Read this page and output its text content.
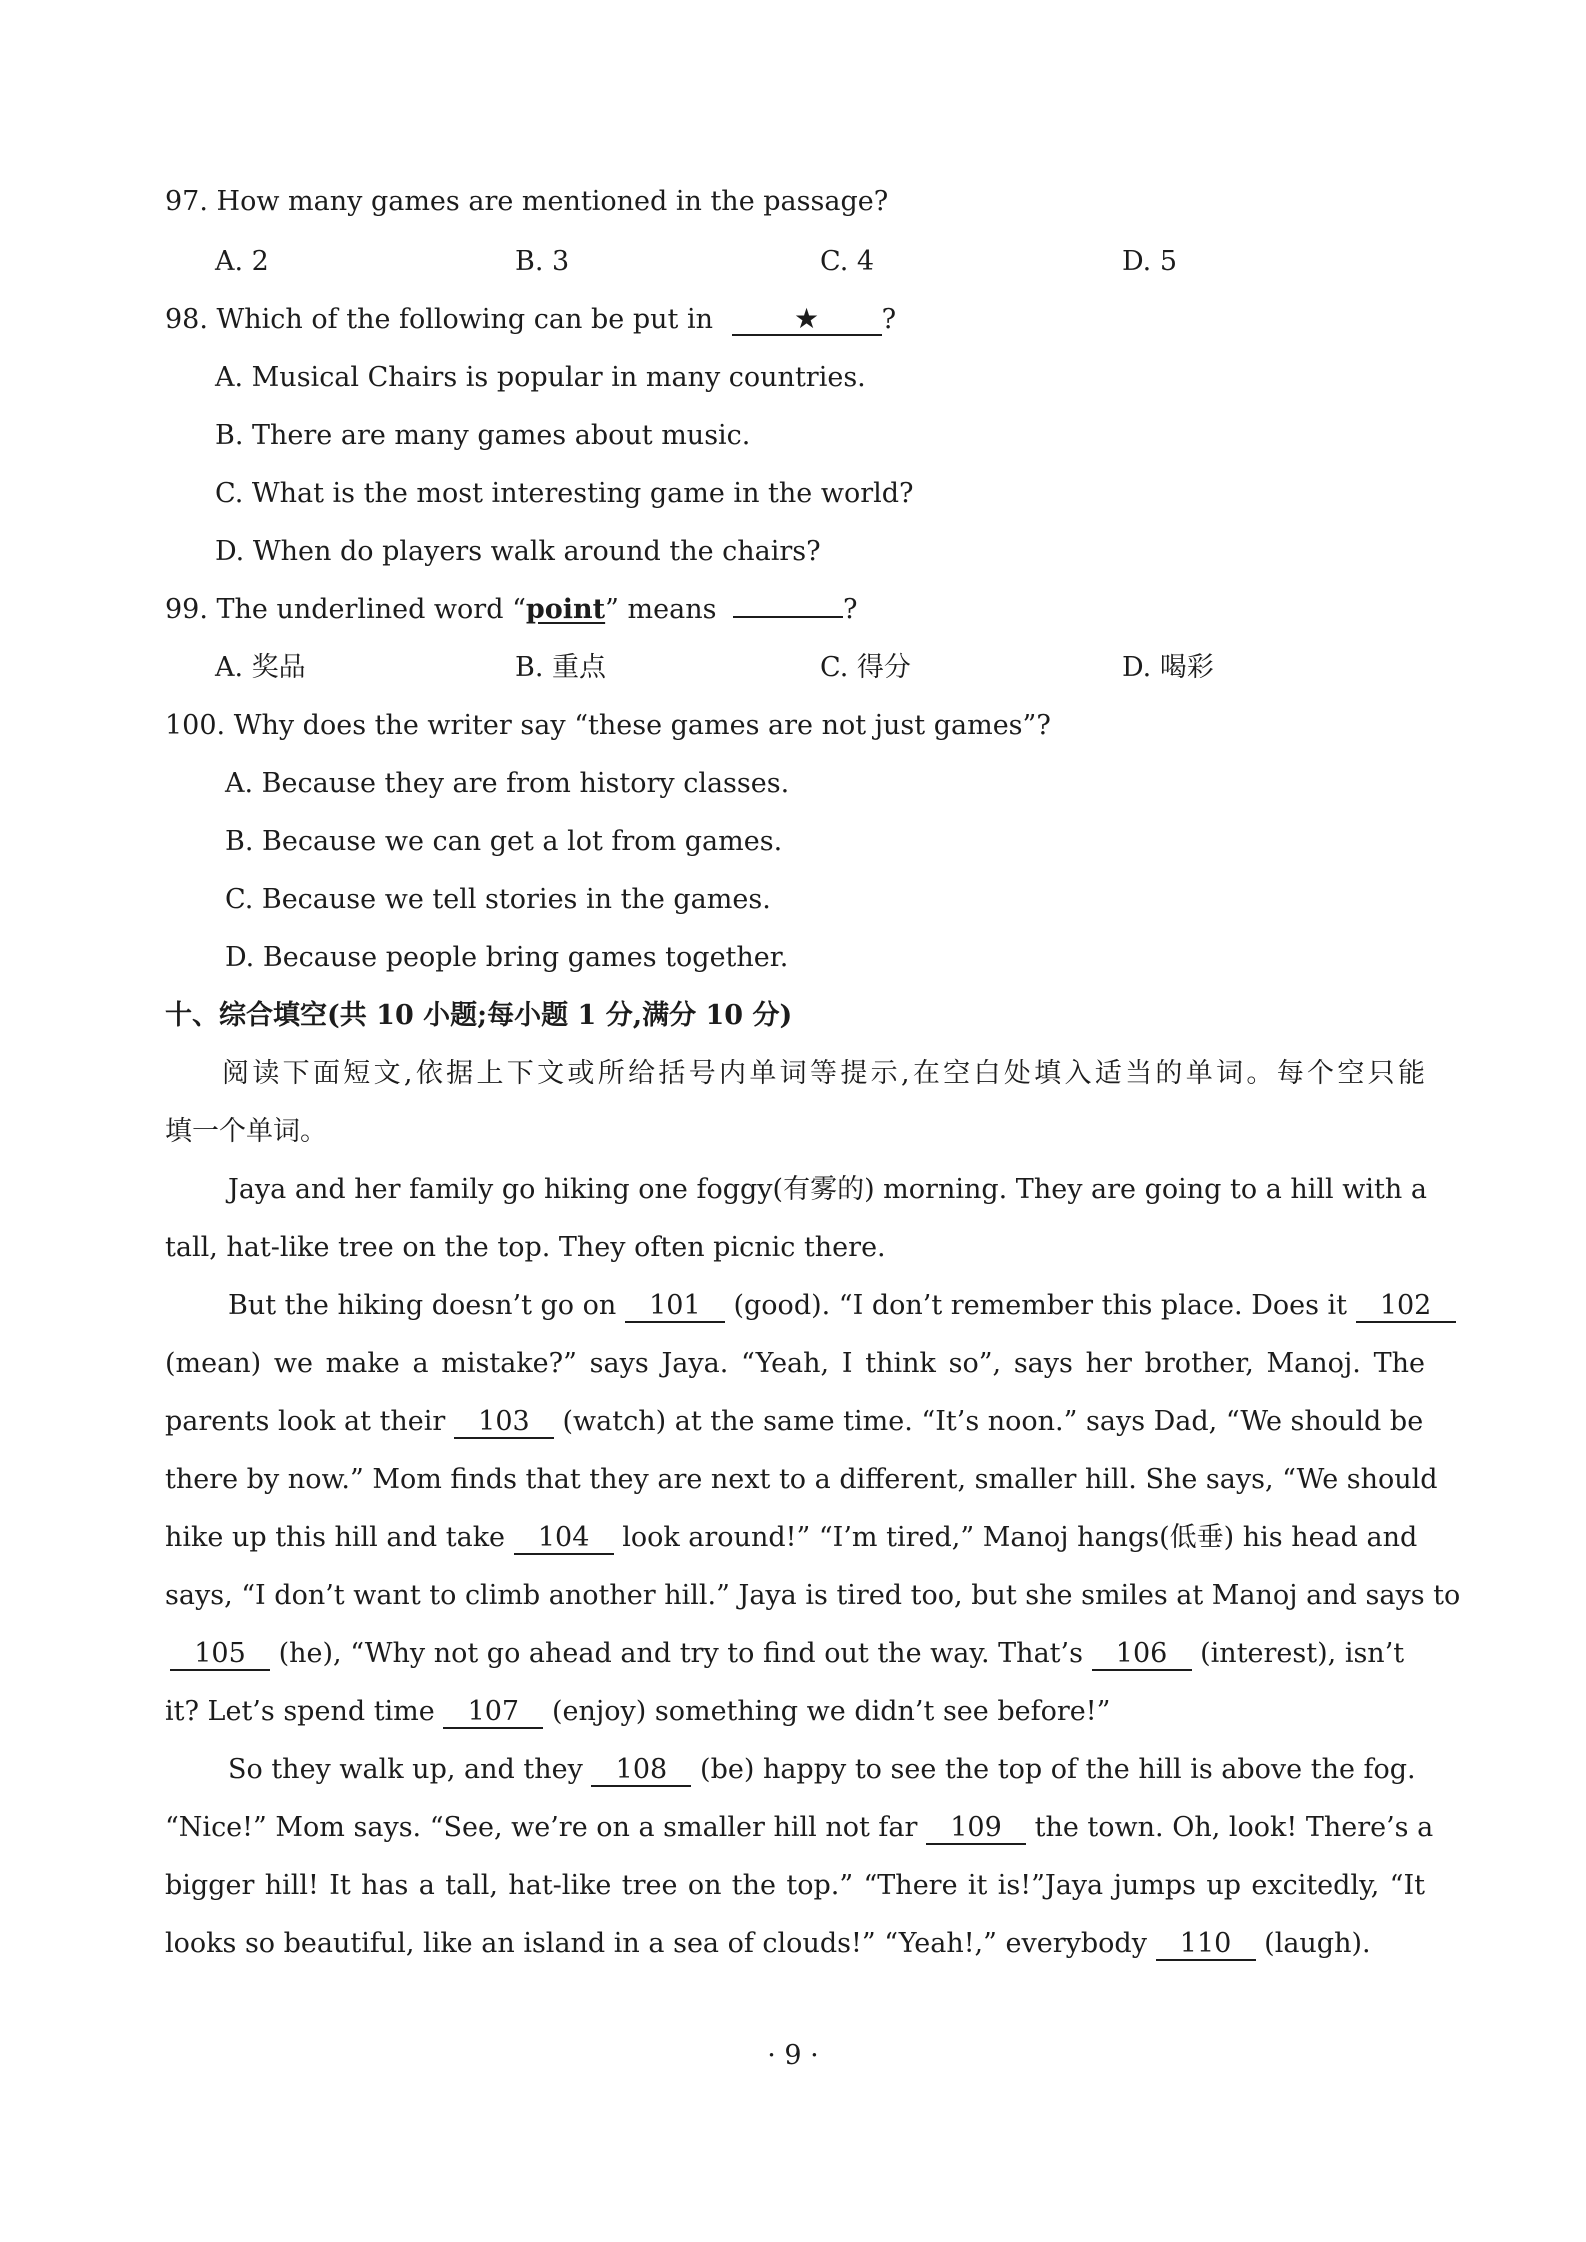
97. How many games are mentioned in the passage?
A. 2	B. 3	C. 4	D. 5
98. Which of the following can be put in	★ ?
A. Musical Chairs is popular in many countries.
B. There are many games about music.
C. What is the most interesting game in the world?
D. When do players walk around the chairs?
99. The underlined word “point” means	?
A. 奖品	B. 重点	C. 得分	D. 喝彩
100. Why does the writer say “these games are not just games”?
A. Because they are from history classes.
B. Because we can get a lot from games.
C. Because we tell stories in the games.
D. Because people bring games together.
十、综合填空(共 10 小题;每小题 1 分,满分 10 分)
阅读下面短文,依据上下文或所给括号内单词等提示,在空白处填入适当的单词。每个空只能
填一个单词。
Jaya and her family go hiking one foggy(有雾的) morning. They are going to a hill with a
tall, hat-like tree on the top. They often picnic there.
But the hiking doesn’t go on 101 (good). “I don’t remember this place. Does it 102
(mean) we make a mistake?” says Jaya. “Yeah, I think so”, says her brother, Manoj. The
parents look at their 103 (watch) at the same time. “It’s noon.” says Dad, “We should be
there by now.” Mom finds that they are next to a different, smaller hill. She says, “We should
hike up this hill and take 104 look around!” “I’m tired,” Manoj hangs(低垂) his head and
says, “I don’t want to climb another hill.” Jaya is tired too, but she smiles at Manoj and says to
105 (he), “Why not go ahead and try to find out the way. That’s 106 (interest), isn’t
it? Let’s spend time 107 (enjoy) something we didn’t see before!”
So they walk up, and they 108 (be) happy to see the top of the hill is above the fog.
“Nice!” Mom says. “See, we’re on a smaller hill not far 109 the town. Oh, look! There’s a
bigger hill! It has a tall, hat-like tree on the top.” “There it is!”Jaya jumps up excitedly, “It
looks so beautiful, like an island in a sea of clouds!” “Yeah!,” everybody 110 (laugh).
· 9 ·
